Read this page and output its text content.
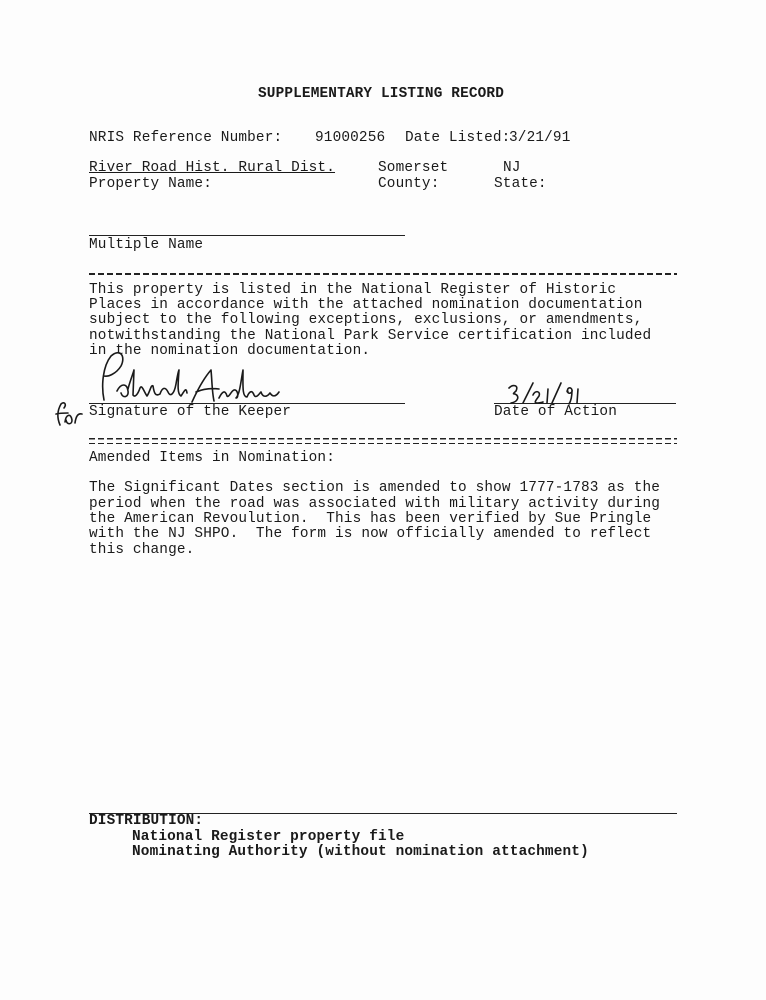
SUPPLEMENTARY LISTING RECORD

NRIS Reference Number: 91000256 Date Listed:

3/21/91

River Road Hist. Rural Dist.	Somerset	NJ

Property Name:	County:	State:

Multiple Name

This property is listed in the National Register of Historic

Places in accordance with the attached nomination documentation

subject to the following exceptions, exclusions, or amendments,

notwithstanding the National Park Service certification included

in the nomination documentation.

Signature of the Keeper	Date of Action

Amended Items in Nomination:

The Significant Dates section is amended to show 1777-1783 as the

period when the road was associated with military activity during

the American Revoulution.  This has been verified by Sue Pringle

with the NJ SHPO.  The form is now officially amended to reflect

this change.

DISTRIBUTION:

National Register property file

Nominating Authority (without nomination attachment)
